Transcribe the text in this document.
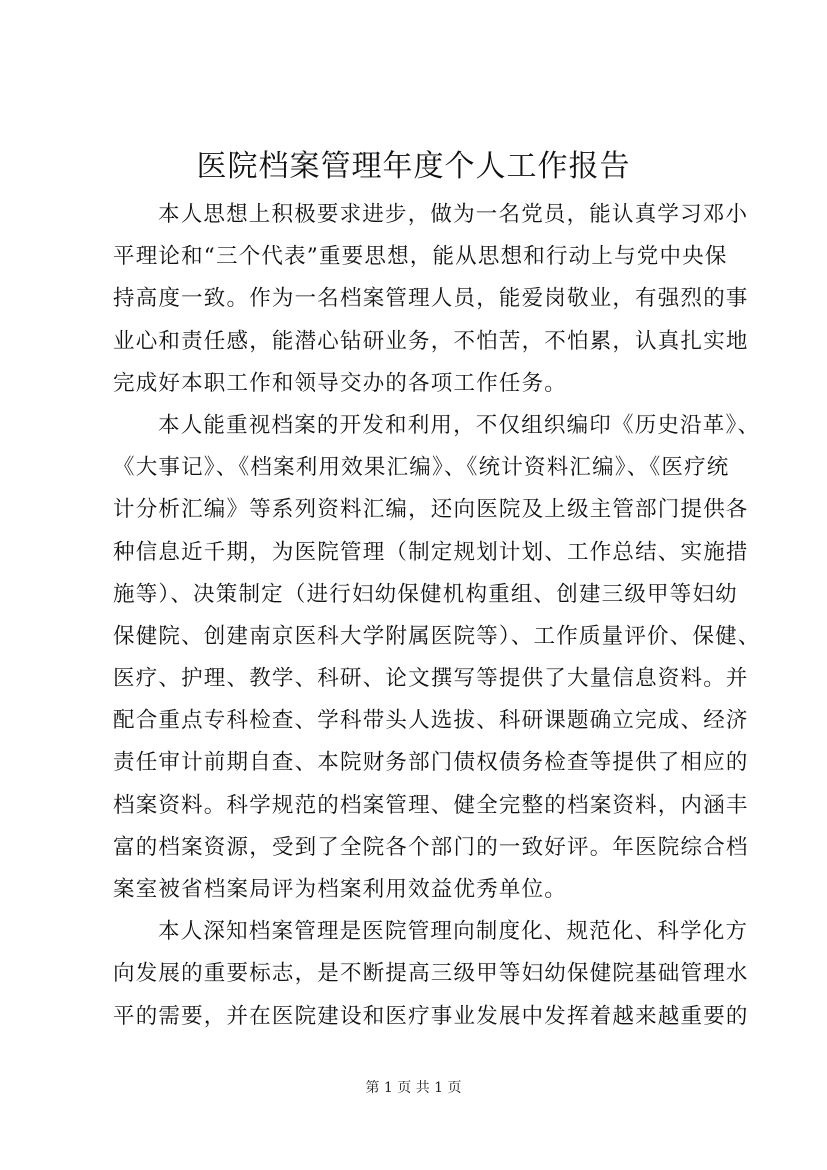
医院档案管理年度个人工作报告

本人思想上积极要求进步，做为一名党员，能认真学习邓小
平理论和“三个代表”重要思想，能从思想和行动上与党中央保
持高度一致。作为一名档案管理人员，能爱岗敬业，有强烈的事
业心和责任感，能潜心钻研业务，不怕苦，不怕累，认真扎实地
完成好本职工作和领导交办的各项工作任务。

本人能重视档案的开发和利用，不仅组织编印《历史沿革》、
《大事记》、《档案利用效果汇编》、《统计资料汇编》、《医疗统
计分析汇编》等系列资料汇编，还向医院及上级主管部门提供各
种信息近千期，为医院管理（制定规划计划、工作总结、实施措
施等）、决策制定（进行妇幼保健机构重组、创建三级甲等妇幼
保健院、创建南京医科大学附属医院等）、工作质量评价、保健、
医疗、护理、教学、科研、论文撰写等提供了大量信息资料。并
配合重点专科检查、学科带头人选拔、科研课题确立完成、经济
责任审计前期自查、本院财务部门债权债务检查等提供了相应的
档案资料。科学规范的档案管理、健全完整的档案资料，内涵丰
富的档案资源，受到了全院各个部门的一致好评。年医院综合档
案室被省档案局评为档案利用效益优秀单位。

本人深知档案管理是医院管理向制度化、规范化、科学化方
向发展的重要标志，是不断提高三级甲等妇幼保健院基础管理水
平的需要，并在医院建设和医疗事业发展中发挥着越来越重要的

第 1 页 共 1 页
